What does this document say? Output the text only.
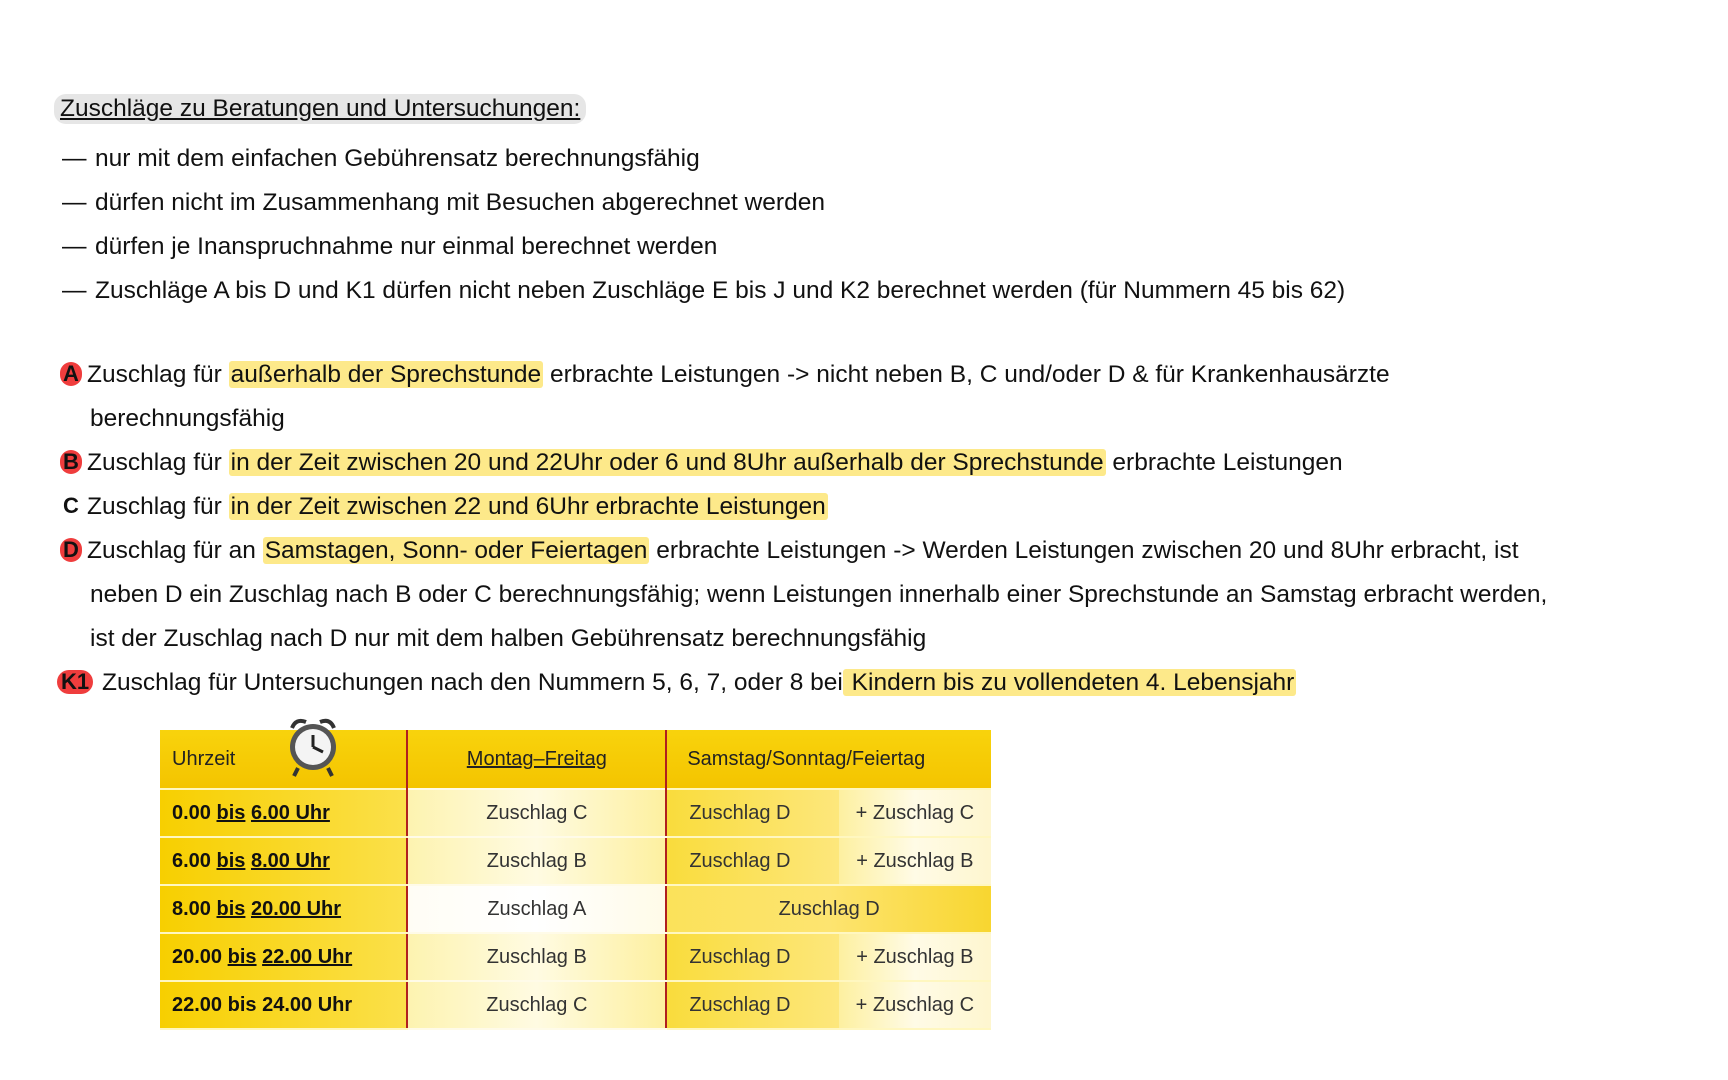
Zuschläge zu Beratungen und Untersuchungen:
— nur mit dem einfachen Gebührensatz berechnungsfähig
— dürfen nicht im Zusammenhang mit Besuchen abgerechnet werden
— dürfen je Inanspruchnahme nur einmal berechnet werden
— Zuschläge A bis D und K1 dürfen nicht neben Zuschläge E bis J und K2 berechnet werden (für Nummern 45 bis 62)
A Zuschlag für außerhalb der Sprechstunde erbrachte Leistungen -> nicht neben B, C und/oder D & für Krankenhausärzte
berechnungsfähig
B Zuschlag für in der Zeit zwischen 20 und 22Uhr oder 6 und 8Uhr außerhalb der Sprechstunde erbrachte Leistungen
C Zuschlag für in der Zeit zwischen 22 und 6Uhr erbrachte Leistungen
D Zuschlag für an Samstagen, Sonn- oder Feiertagen erbrachte Leistungen -> Werden Leistungen zwischen 20 und 8Uhr erbracht, ist
neben D ein Zuschlag nach B oder C berechnungsfähig; wenn Leistungen innerhalb einer Sprechstunde an Samstag erbracht werden,
ist der Zuschlag nach D nur mit dem halben Gebührensatz berechnungsfähig
K1 Zuschlag für Untersuchungen nach den Nummern 5, 6, 7, oder 8 bei Kindern bis zu vollendeten 4. Lebensjahr
Uhrzeit	Montag–Freitag	Samstag/Sonntag/Feiertag	
0.00 bis 6.00 Uhr	Zuschlag C	Zuschlag D	+ Zuschlag C
6.00 bis 8.00 Uhr	Zuschlag B	Zuschlag D	+ Zuschlag B
8.00 bis 20.00 Uhr	Zuschlag A	Zuschlag D	
20.00 bis 22.00 Uhr	Zuschlag B	Zuschlag D	+ Zuschlag B
22.00 bis 24.00 Uhr	Zuschlag C	Zuschlag D	+ Zuschlag C
